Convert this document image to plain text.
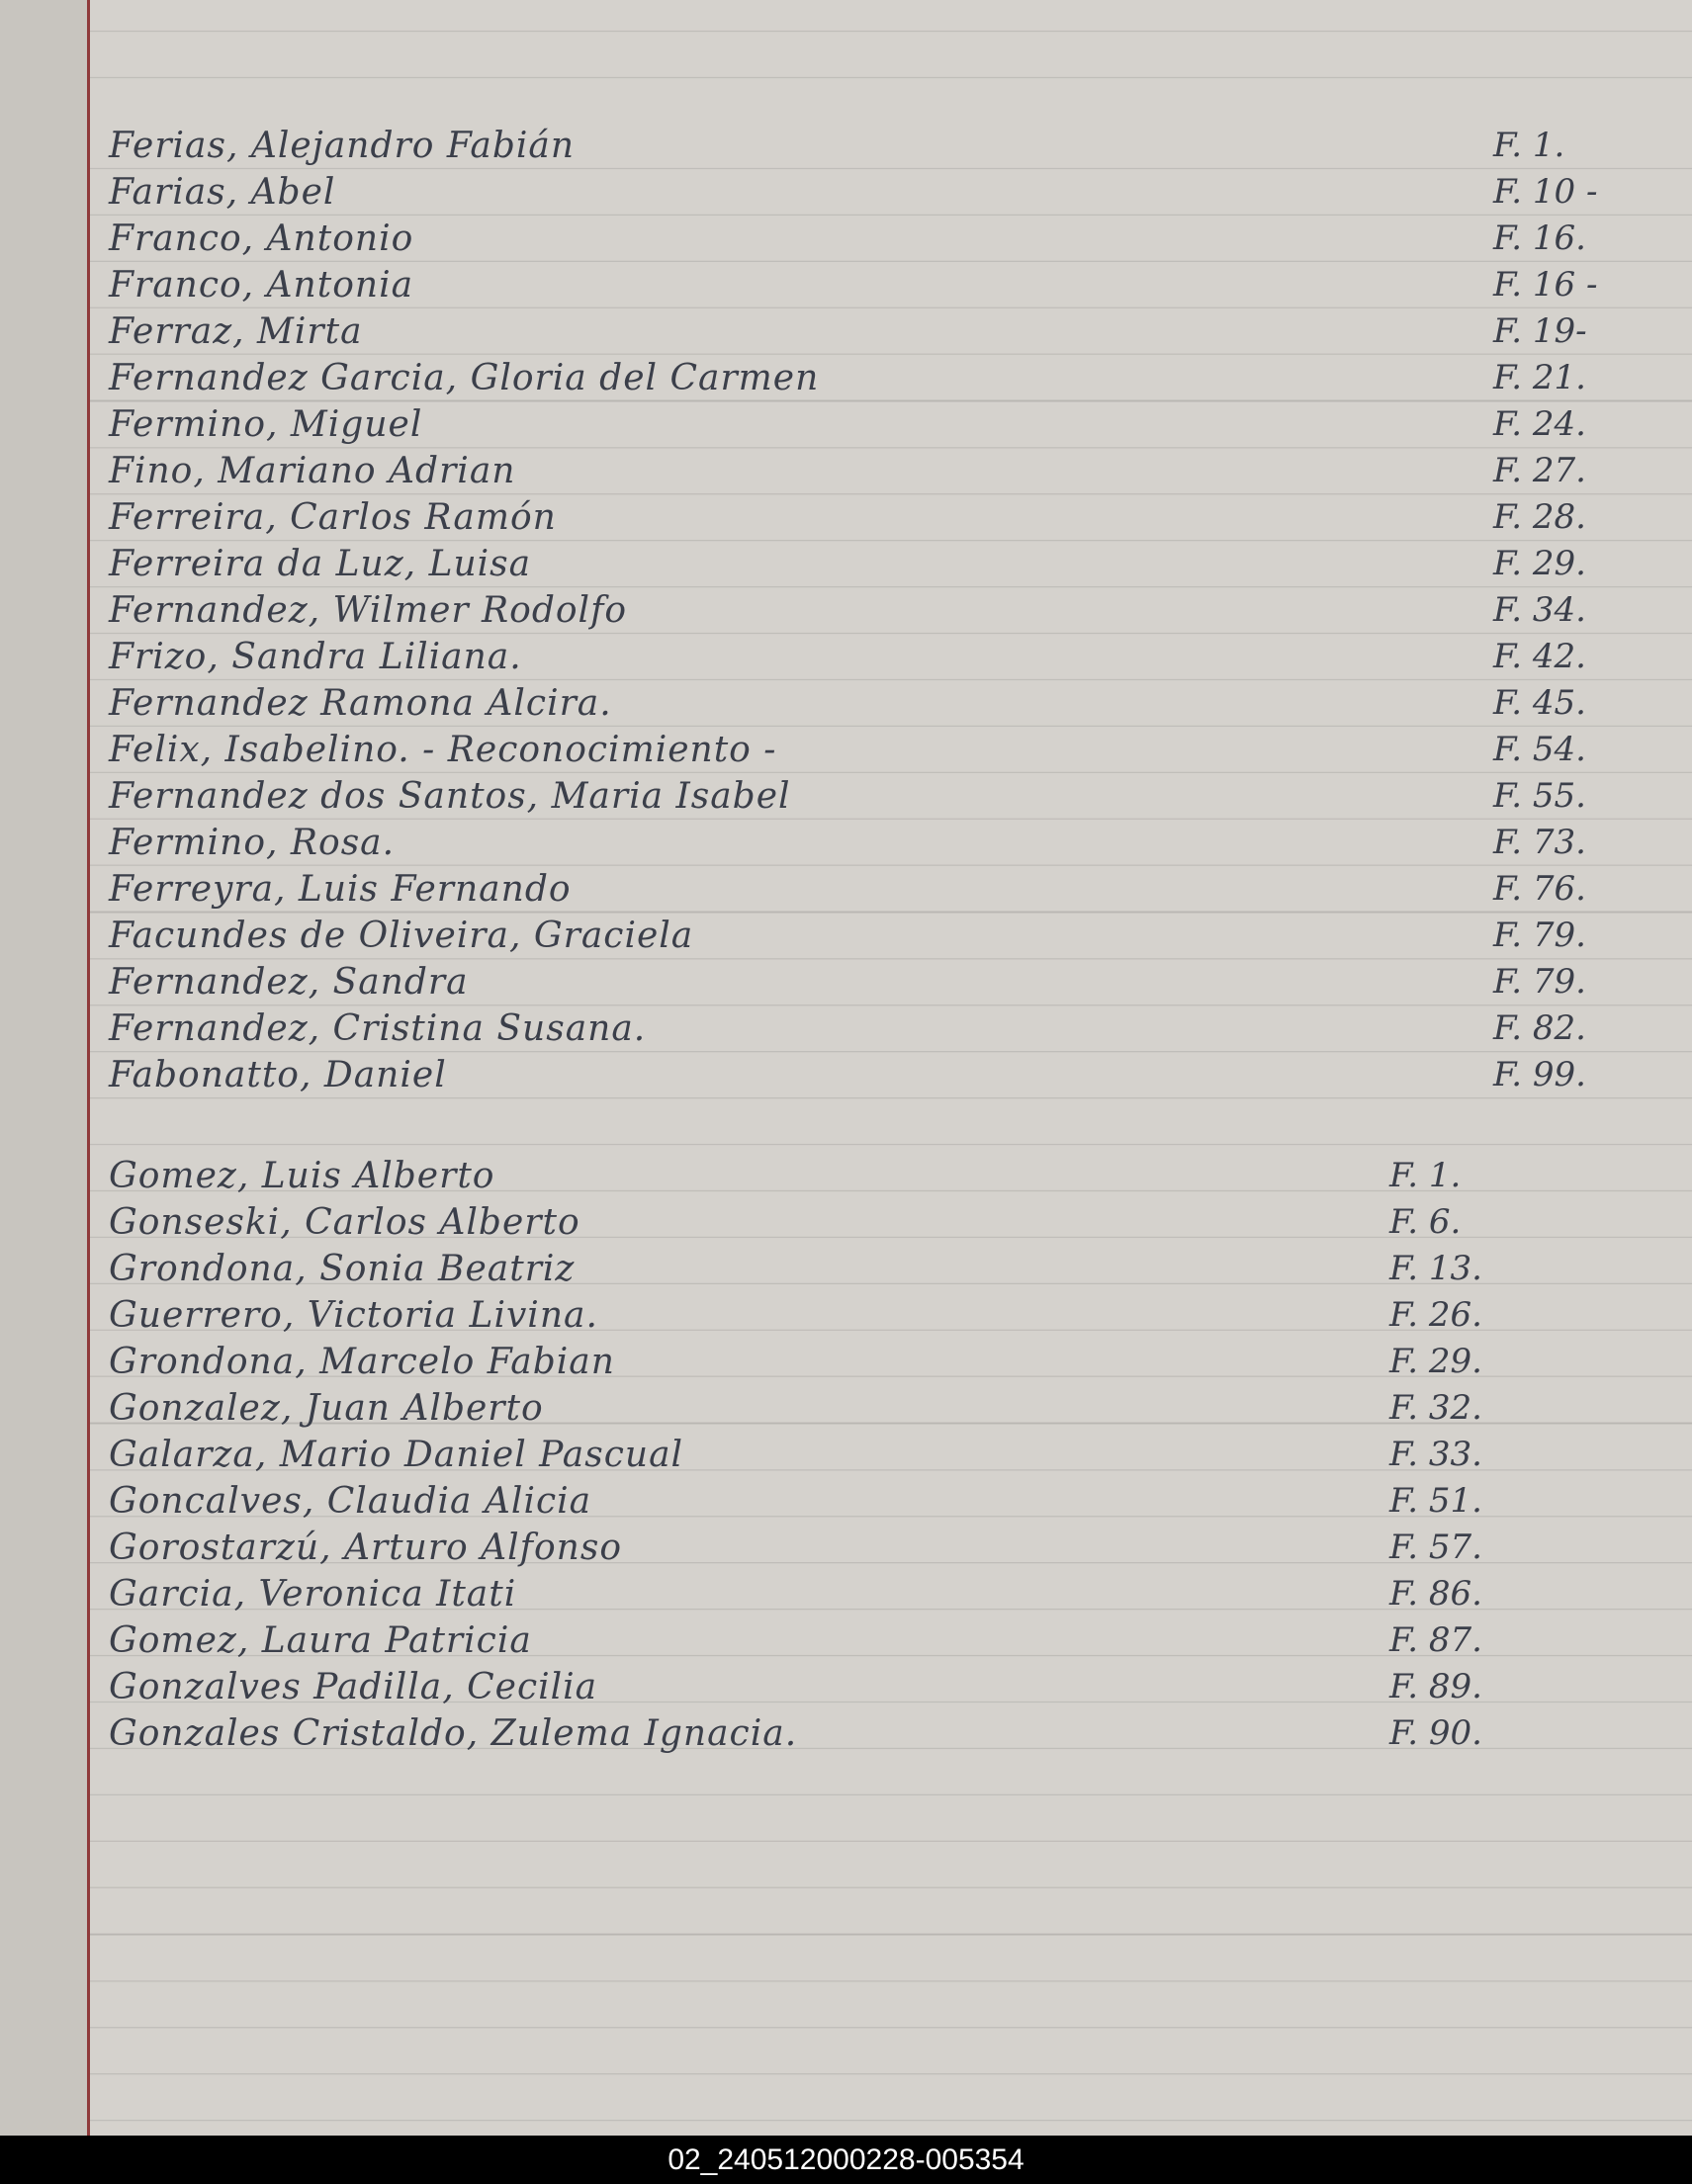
Ferias, Alejandro Fabián	F. 1.
Farias, Abel	F. 10 -
Franco, Antonio	F. 16.
Franco, Antonia	F. 16 -
Ferraz, Mirta	F. 19-
Fernandez Garcia, Gloria del Carmen	F. 21.
Fermino, Miguel	F. 24.
Fino, Mariano Adrian	F. 27.
Ferreira, Carlos Ramón	F. 28.
Ferreira da Luz, Luisa	F. 29.
Fernandez, Wilmer Rodolfo	F. 34.
Frizo, Sandra Liliana.	F. 42.
Fernandez Ramona Alcira.	F. 45.
Felix, Isabelino. - Reconocimiento -	F. 54.
Fernandez dos Santos, Maria Isabel	F. 55.
Fermino, Rosa.	F. 73.
Ferreyra, Luis Fernando	F. 76.
Facundes de Oliveira, Graciela	F. 79.
Fernandez, Sandra	F. 79.
Fernandez, Cristina Susana.	F. 82.
Fabonatto, Daniel	F. 99.
Gomez, Luis Alberto	F. 1.
Gonseski, Carlos Alberto	F. 6.
Grondona, Sonia Beatriz	F. 13.
Guerrero, Victoria Livina.	F. 26.
Grondona, Marcelo Fabian	F. 29.
Gonzalez, Juan Alberto	F. 32.
Galarza, Mario Daniel Pascual	F. 33.
Goncalves, Claudia Alicia	F. 51.
Gorostarzú, Arturo Alfonso	F. 57.
Garcia, Veronica Itati	F. 86.
Gomez, Laura Patricia	F. 87.
Gonzalves Padilla, Cecilia	F. 89.
Gonzales Cristaldo, Zulema Ignacia.	F. 90.
02_240512000228-005354
